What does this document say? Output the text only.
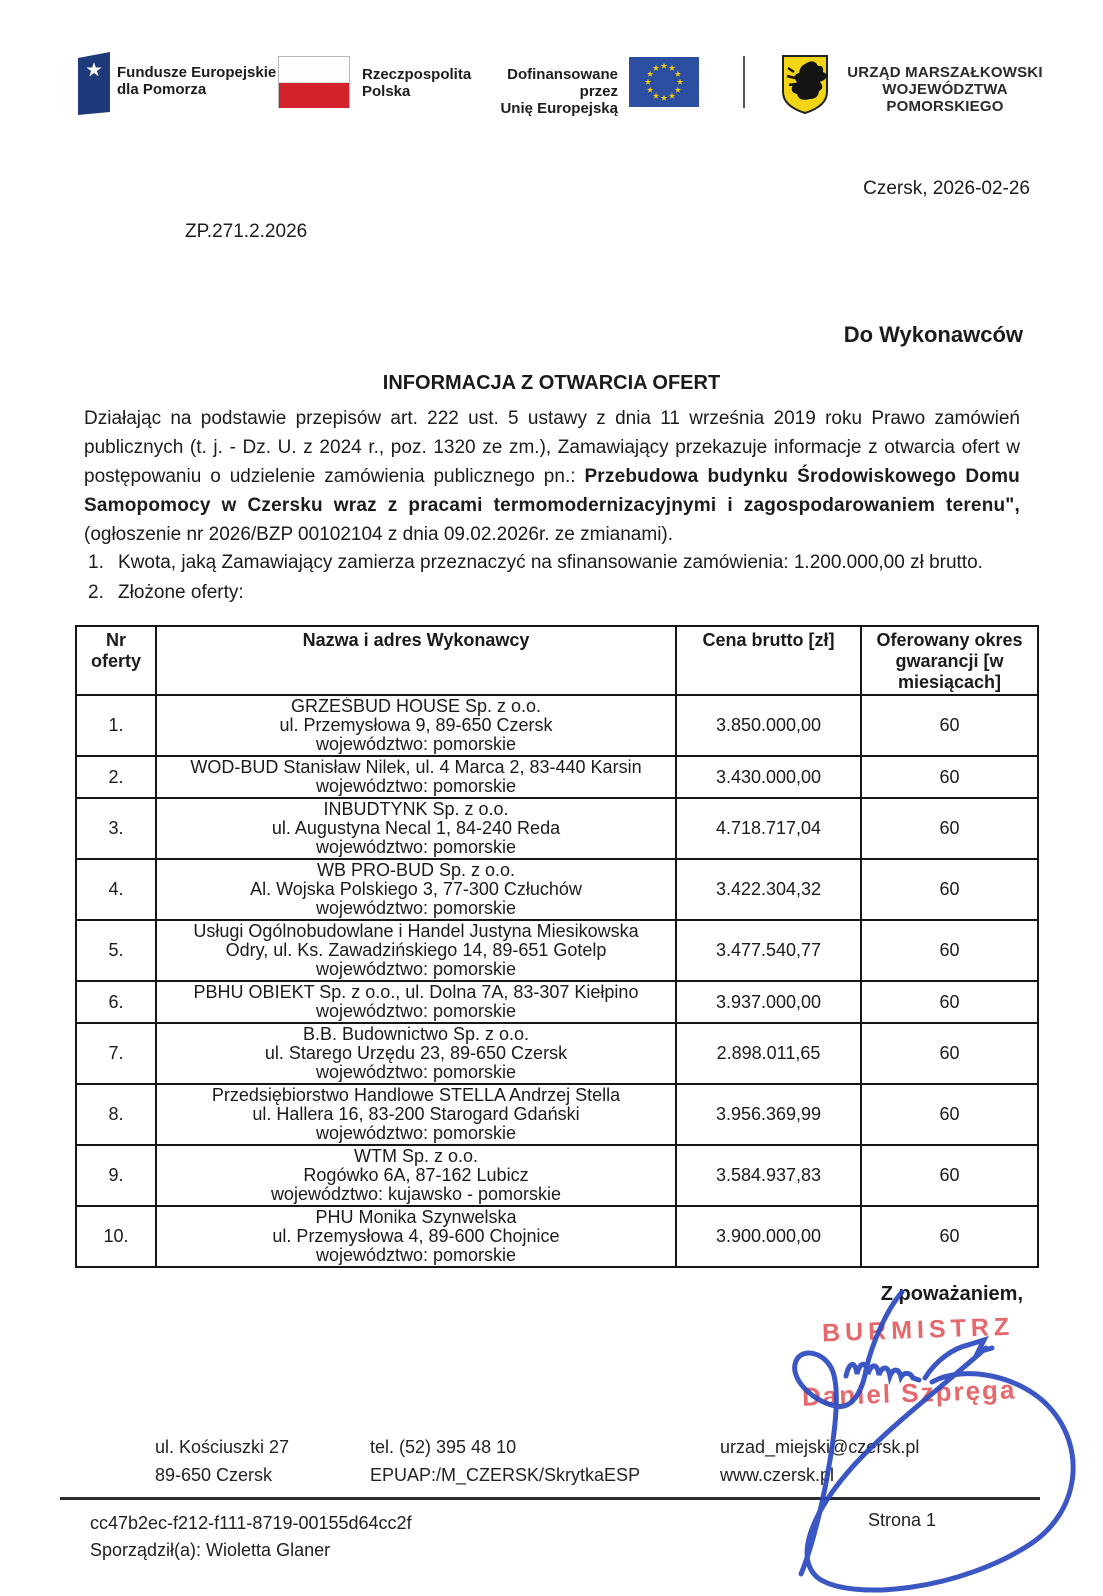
Fundusze Europejskie
dla Pomorza
Rzeczpospolita
Polska
Dofinansowane przez
Unię Europejską
URZĄD MARSZAŁKOWSKI
WOJEWÓDZTWA POMORSKIEGO
Czersk, 2026-02-26
ZP.271.2.2026
Do Wykonawców
INFORMACJA Z OTWARCIA OFERT

Działając na podstawie przepisów art. 222 ust. 5 ustawy z dnia 11 września 2019 roku Prawo zamówień publicznych (t. j. - Dz. U. z 2024 r., poz. 1320 ze zm.), Zamawiający przekazuje informacje z otwarcia ofert w postępowaniu o udzielenie zamówienia publicznego pn.: Przebudowa budynku Środowiskowego Domu Samopomocy w Czersku wraz z pracami termomodernizacyjnymi i zagospodarowaniem terenu", (ogłoszenie nr 2026/BZP 00102104 z dnia 09.02.2026r. ze zmianami).

1. Kwota, jaką Zamawiający zamierza przeznaczyć na sfinansowanie zamówienia: 1.200.000,00 zł brutto.
2. Złożone oferty:
Nr oferty	Nazwa i adres Wykonawcy	Cena brutto [zł]	Oferowany okres gwarancji [w miesiącach]
1.	GRZEŚBUD HOUSE Sp. z o.o.
ul. Przemysłowa 9, 89-650 Czersk
województwo: pomorskie	3.850.000,00	60
2.	WOD-BUD Stanisław Nilek, ul. 4 Marca 2, 83-440 Karsin
województwo: pomorskie	3.430.000,00	60
3.	INBUDTYNK Sp. z o.o.
ul. Augustyna Necal 1, 84-240 Reda
województwo: pomorskie	4.718.717,04	60
4.	WB PRO-BUD Sp. z o.o.
Al. Wojska Polskiego 3, 77-300 Człuchów
województwo: pomorskie	3.422.304,32	60
5.	Usługi Ogólnobudowlane i Handel Justyna Miesikowska
Odry, ul. Ks. Zawadzińskiego 14, 89-651 Gotelp
województwo: pomorskie	3.477.540,77	60
6.	PBHU OBIEKT Sp. z o.o., ul. Dolna 7A, 83-307 Kiełpino
województwo: pomorskie	3.937.000,00	60
7.	B.B. Budownictwo Sp. z o.o.
ul. Starego Urzędu 23, 89-650 Czersk
województwo: pomorskie	2.898.011,65	60
8.	Przedsiębiorstwo Handlowe STELLA Andrzej Stella
ul. Hallera 16, 83-200 Starogard Gdański
województwo: pomorskie	3.956.369,99	60
9.	WTM Sp. z o.o.
Rogówko 6A, 87-162 Lubicz
województwo: kujawsko - pomorskie	3.584.937,83	60
10.	PHU Monika Szynwelska
ul. Przemysłowa 4, 89-600 Chojnice
województwo: pomorskie	3.900.000,00	60
Z poważaniem,
BURMISTRZ
Daniel Szpręga
ul. Kościuszki 27
89-650 Czersk
tel. (52) 395 48 10
EPUAP:/M_CZERSK/SkrytkaESP
urzad_miejski@czersk.pl
www.czersk.pl
cc47b2ec-f212-f111-8719-00155d64cc2f
Sporządził(a): Wioletta Glaner
Strona 1
